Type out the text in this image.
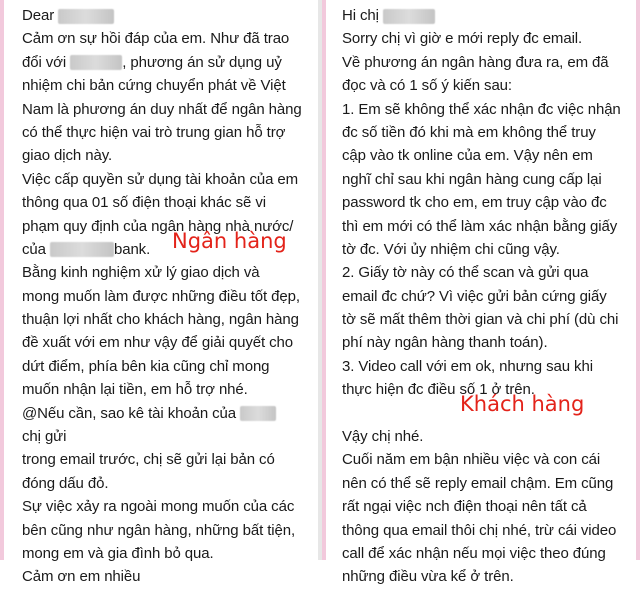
Dear
Cảm ơn sự hồi đáp của em. Như đã trao
đổi với	, phương án sử dụng uỷ
nhiệm chi bản cứng chuyển phát về Việt
Nam là phương án duy nhất để ngân hàng
có thể thực hiện vai trò trung gian hỗ trợ
giao dịch này.
Việc cấp quyền sử dụng tài khoản của em
thông qua 01 số điện thoại khác sẽ vi
phạm quy định của ngân hàng nhà nước/
của	bank.
Bằng kinh nghiệm xử lý giao dịch và
mong muốn làm được những điều tốt đẹp,
thuận lợi nhất cho khách hàng, ngân hàng
đề xuất với em như vậy để giải quyết cho
dứt điểm, phía bên kia cũng chỉ mong
muốn nhận lại tiền, em hỗ trợ nhé.
@Nếu cần, sao kê tài khoản của
chị gửi
trong email trước, chị sẽ gửi lại bản có
đóng dấu đỏ.
Sự việc xảy ra ngoài mong muốn của các
bên cũng như ngân hàng, những bất tiện,
mong em và gia đình bỏ qua.
Cảm ơn em nhiều
Ngân hàng
Hi chị
Sorry chị vì giờ e mới reply đc email.
Về phương án ngân hàng đưa ra, em đã
đọc và có 1 số ý kiến sau:
1. Em sẽ không thể xác nhận đc việc nhận
đc số tiền đó khi mà em không thể truy
cập vào tk online của em. Vậy nên em
nghĩ chỉ sau khi ngân hàng cung cấp lại
password tk cho em, em truy cập vào đc
thì em mới có thể làm xác nhận bằng giấy
tờ đc. Với ủy nhiệm chi cũng vậy.
2. Giấy tờ này có thể scan và gửi qua
email đc chứ? Vì việc gửi bản cứng giấy
tờ sẽ mất thêm thời gian và chi phí (dù chi
phí này ngân hàng thanh toán).
3. Video call với em ok, nhưng sau khi
thực hiện đc điều số 1 ở trên.
Vậy chị nhé.
Cuối năm em bận nhiều việc và con cái
nên có thể sẽ reply email chậm. Em cũng
rất ngại việc nch điện thoại nên tất cả
thông qua email thôi chị nhé, trừ cái video
call để xác nhận nếu mọi việc theo đúng
những điều vừa kể ở trên.
Khách hàng
